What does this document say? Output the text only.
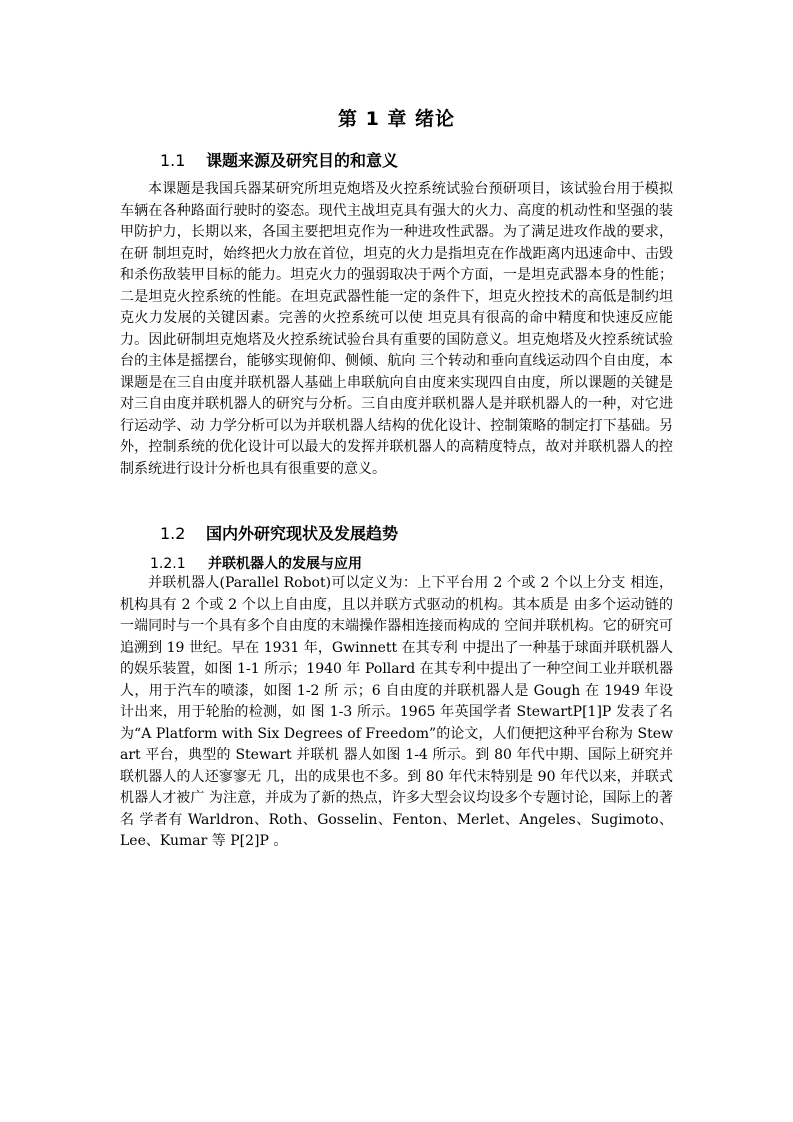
第 1 章 绪论
1.1 课题来源及研究目的和意义

本课题是我国兵器某研究所坦克炮塔及火控系统试验台预研项目，该试验台用于模拟车辆在各种路面行驶时的姿态。现代主战坦克具有强大的火力、高度的机动性和坚强的装甲防护力，长期以来，各国主要把坦克作为一种进攻性武器。为了满足进攻作战的要求，在研 制坦克时，始终把火力放在首位，坦克的火力是指坦克在作战距离内迅速命中、击毁和杀伤敌装甲目标的能力。坦克火力的强弱取决于两个方面，一是坦克武器本身的性能；二是坦克火控系统的性能。在坦克武器性能一定的条件下，坦克火控技术的高低是制约坦克火力发展的关键因素。完善的火控系统可以使 坦克具有很高的命中精度和快速反应能力。因此研制坦克炮塔及火控系统试验台具有重要的国防意义。坦克炮塔及火控系统试验台的主体是摇摆台，能够实现俯仰、侧倾、航向 三个转动和垂向直线运动四个自由度，本课题是在三自由度并联机器人基础上串联航向自由度来实现四自由度，所以课题的关键是对三自由度并联机器人的研究与分析。三自由度并联机器人是并联机器人的一种，对它进行运动学、动 力学分析可以为并联机器人结构的优化设计、控制策略的制定打下基础。另外，控制系统的优化设计可以最大的发挥并联机器人的高精度特点，故对并联机器人的控制系统进行设计分析也具有很重要的意义。

1.2 国内外研究现状及发展趋势
1.2.1 并联机器人的发展与应用

并联机器人(Parallel Robot)可以定义为：上下平台用 2 个或 2 个以上分支 相连，机构具有 2 个或 2 个以上自由度，且以并联方式驱动的机构。其本质是 由多个运动链的一端同时与一个具有多个自由度的末端操作器相连接而构成的 空间并联机构。它的研究可追溯到 19 世纪。早在 1931 年，Gwinnett 在其专利 中提出了一种基于球面并联机器人的娱乐装置，如图 1-1 所示；1940 年 Pollard 在其专利中提出了一种空间工业并联机器人，用于汽车的喷漆，如图 1-2 所 示；6 自由度的并联机器人是 Gough 在 1949 年设计出来，用于轮胎的检测，如 图 1-3 所示。1965 年英国学者 StewartP[1]P 发表了名为“A Platform with Six Degrees of Freedom”的论文，人们便把这种平台称为 Stewart 平台，典型的 Stewart 并联机 器人如图 1-4 所示。到 80 年代中期、国际上研究并联机器人的人还寥寥无 几，出的成果也不多。到 80 年代末特别是 90 年代以来，并联式机器人才被广 为注意，并成为了新的热点，许多大型会议均设多个专题讨论，国际上的著名 学者有 Warldron、Roth、Gosselin、Fenton、Merlet、Angeles、Sugimoto、 Lee、Kumar 等 P[2]P 。
